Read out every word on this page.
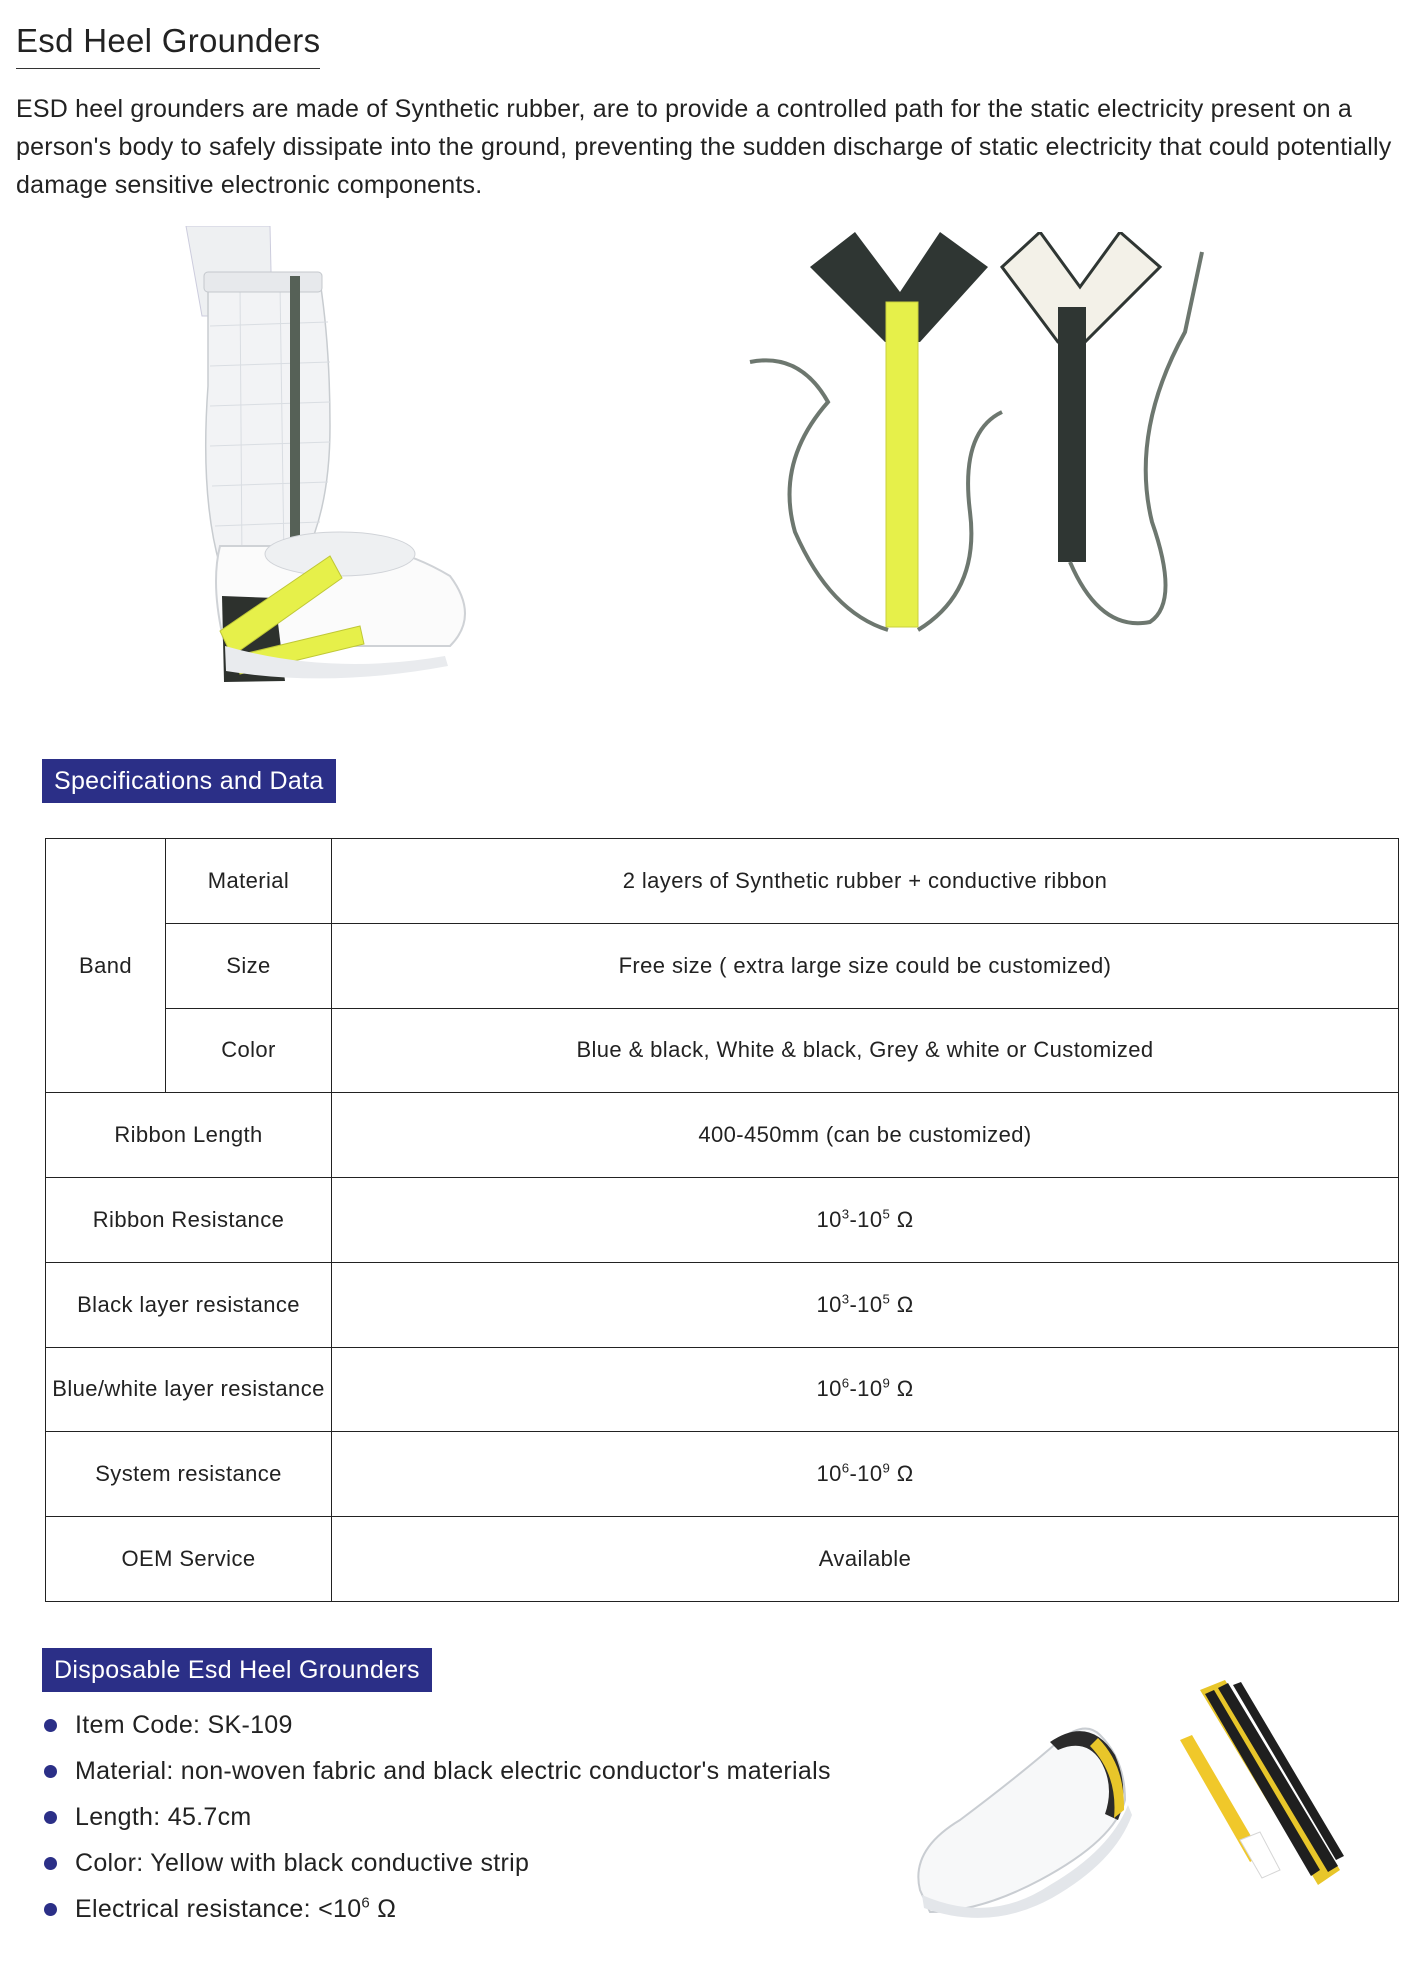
Esd Heel Grounders
ESD heel grounders are made of Synthetic rubber, are to provide a controlled path for the static electricity present on a person's body to safely dissipate into the ground, preventing the sudden discharge of static electricity that could potentially damage sensitive electronic components.
Specifications and Data
Band	Material	2 layers of Synthetic rubber + conductive ribbon
	Size	Free size ( extra large size could be customized)
	Color	Blue & black, White & black, Grey & white or Customized
Ribbon Length		400-450mm (can be customized)
Ribbon Resistance		$10^3-10^5$ Ω
Black layer resistance		$10^3-10^5$ Ω
Blue/white layer resistance		$10^6-10^9$ Ω
System resistance		$10^6-10^9$ Ω
OEM Service		Available
Disposable Esd Heel Grounders
Item Code: SK-109
Material: non-woven fabric and black electric conductor's materials
Length: 45.7cm
Color: Yellow with black conductive strip
Electrical resistance: $<10^6$ Ω
